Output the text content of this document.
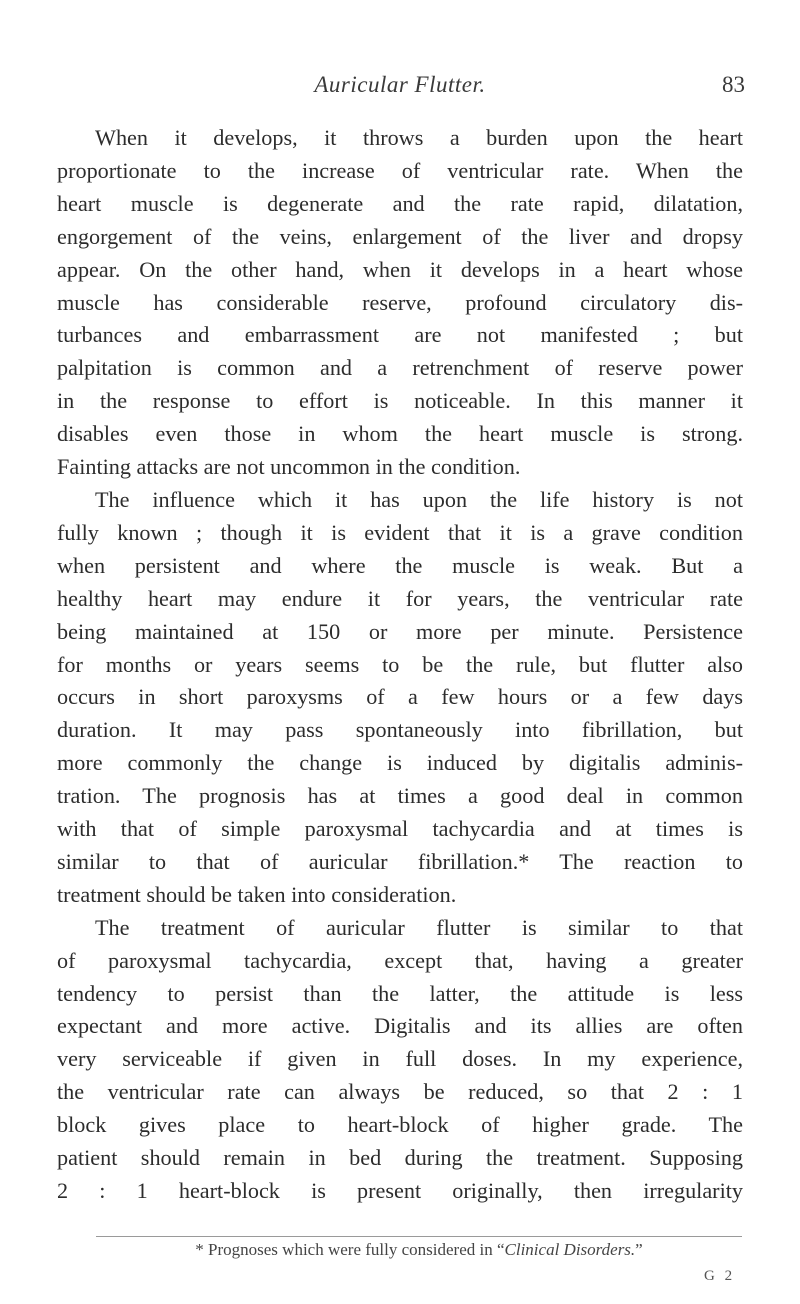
Auricular Flutter.	83
When it develops, it throws a burden upon the heart
proportionate to the increase of ventricular rate. When the
heart muscle is degenerate and the rate rapid, dilatation,
engorgement of the veins, enlargement of the liver and dropsy
appear. On the other hand, when it develops in a heart whose
muscle has considerable reserve, profound circulatory dis-
turbances and embarrassment are not manifested ; but
palpitation is common and a retrenchment of reserve power
in the response to effort is noticeable. In this manner it
disables even those in whom the heart muscle is strong.
Fainting attacks are not uncommon in the condition.
The influence which it has upon the life history is not
fully known ; though it is evident that it is a grave condition
when persistent and where the muscle is weak. But a
healthy heart may endure it for years, the ventricular rate
being maintained at 150 or more per minute. Persistence
for months or years seems to be the rule, but flutter also
occurs in short paroxysms of a few hours or a few days
duration. It may pass spontaneously into fibrillation, but
more commonly the change is induced by digitalis adminis-
tration. The prognosis has at times a good deal in common
with that of simple paroxysmal tachycardia and at times is
similar to that of auricular fibrillation.* The reaction to
treatment should be taken into consideration.
The treatment of auricular flutter is similar to that
of paroxysmal tachycardia, except that, having a greater
tendency to persist than the latter, the attitude is less
expectant and more active. Digitalis and its allies are often
very serviceable if given in full doses. In my experience,
the ventricular rate can always be reduced, so that 2 : 1
block gives place to heart-block of higher grade. The
patient should remain in bed during the treatment. Supposing
2 : 1 heart-block is present originally, then irregularity
* Prognoses which were fully considered in “Clinical Disorders.”
G 2
